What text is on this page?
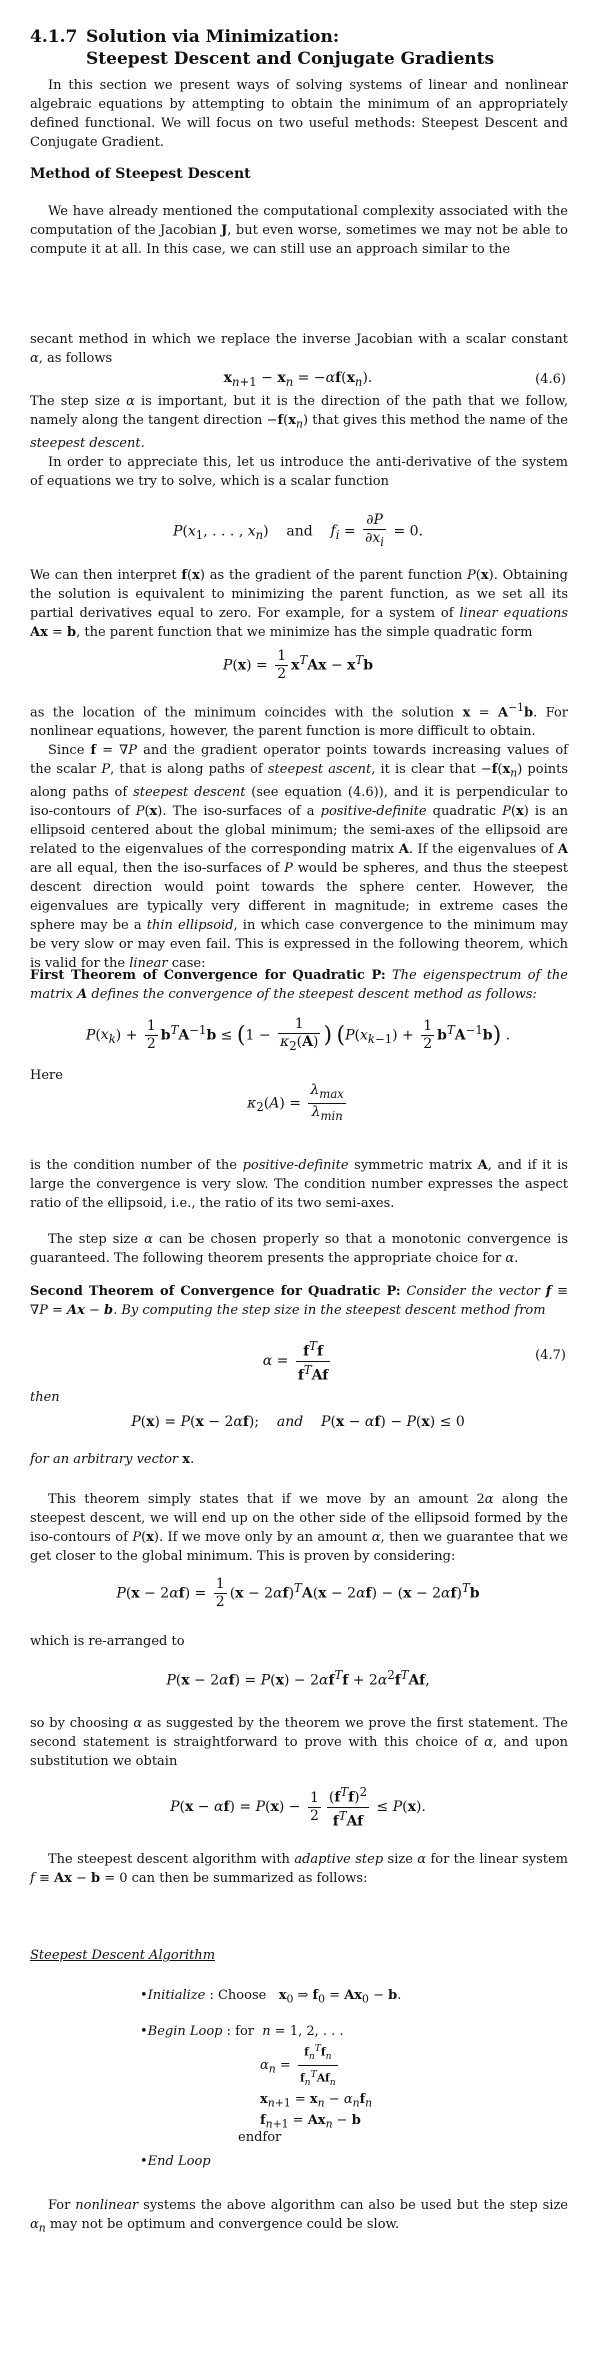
4.1.7 Solution via Minimization:
Steepest Descent and Conjugate Gradients

In this section we present ways of solving systems of linear and nonlinear algebraic equations by attempting to obtain the minimum of an appropriately defined functional. We will focus on two useful methods: Steepest Descent and Conjugate Gradient.

Method of Steepest Descent

We have already mentioned the computational complexity associated with the computation of the Jacobian J, but even worse, sometimes we may not be able to compute it at all. In this case, we can still use an approach similar to the

secant method in which we replace the inverse Jacobian with a scalar constant α, as follows

$x_{n+1} - x_n = -\alpha f(x_n)$.	(4.6)

The step size α is important, but it is the direction of the path that we follow, namely along the tangent direction $-f(x_n)$ that gives this method the name of the steepest descent.

In order to appreciate this, let us introduce the anti-derivative of the system of equations we try to solve, which is a scalar function

$P(x_1$, . . . , $x_n$)    and    $f_i = \frac{\partial P}{\partial x_i} = 0$.

We can then interpret f(x) as the gradient of the parent function P(x). Obtaining the solution is equivalent to minimizing the parent function, as we set all its partial derivatives equal to zero. For example, for a system of linear equations Ax = b, the parent function that we minimize has the simple quadratic form

$P(x) = \frac{1}{2} x^TAx - x^Tb$

as the location of the minimum coincides with the solution $x = A^{-1}b$. For nonlinear equations, however, the parent function is more difficult to obtain.

Since f = ∇P and the gradient operator points towards increasing values of the scalar P, that is along paths of steepest ascent, it is clear that $-f(x_n)$ points along paths of steepest descent (see equation (4.6)), and it is perpendicular to iso-contours of P(x). The iso-surfaces of a positive-definite quadratic P(x) is an ellipsoid centered about the global minimum; the semi-axes of the ellipsoid are related to the eigenvalues of the corresponding matrix A. If the eigenvalues of A are all equal, then the iso-surfaces of P would be spheres, and thus the steepest descent direction would point towards the sphere center. However, the eigenvalues are typically very different in magnitude; in extreme cases the sphere may be a thin ellipsoid, in which case convergence to the minimum may be very slow or may even fail. This is expressed in the following theorem, which is valid for the linear case:

First Theorem of Convergence for Quadratic P: The eigenspectrum of the matrix A defines the convergence of the steepest descent method as follows:

$P(x_k) + \frac{1}{2} b^TA^{-1}b \le (1 - \frac{1}{\kappa_2(A)}$ ) $(P(x_{k-1}) + \frac{1}{2} b^TA^{-1}b)$ .

Here

$\kappa_2(A) = \frac{\lambda_{max}}{\lambda_{min}}$

is the condition number of the positive-definite symmetric matrix A, and if it is large the convergence is very slow. The condition number expresses the aspect ratio of the ellipsoid, i.e., the ratio of its two semi-axes.

The step size α can be chosen properly so that a monotonic convergence is guaranteed. The following theorem presents the appropriate choice for α.

Second Theorem of Convergence for Quadratic P: Consider the vector f ≡ ∇P = Ax − b. By computing the step size in the steepest descent method from

$\alpha = \frac{f^Tf}{f^TAf}$	(4.7)

then

P(x) = P(x − 2αf);    and P(x − αf) − P(x) ≤ 0

for an arbitrary vector x.

This theorem simply states that if we move by an amount 2α along the steepest descent, we will end up on the other side of the ellipsoid formed by the iso-contours of P(x). If we move only by an amount α, then we guarantee that we get closer to the global minimum. This is proven by considering:

$P(x - 2\alpha f) = \frac{1}{2} (x - 2\alpha f)^TA(x - 2\alpha f) - (x - 2\alpha f)^Tb$

which is re-arranged to

$P(x - 2\alpha f) = P(x) - 2\alpha f^Tf + 2\alpha^2f^TAf$,

so by choosing α as suggested by the theorem we prove the first statement. The second statement is straightforward to prove with this choice of α, and upon substitution we obtain

$P(x - \alpha f) = P(x) - \frac{1}{2} \frac{(f^Tf)^2}{f^TAf} \le P(x)$.

The steepest descent algorithm with adaptive step size α for the linear system f ≡ Ax − b = 0 can then be summarized as follows:

Steepest Descent Algorithm
•Initialize : Choose   $x_0$ ⇒ $f_0 = Ax_0 - b$.
•Begin Loop : for  n = 1, 2, . . .
$\alpha_n = \frac{f_n^Tf_n}{f_n^TAf_n}$
$x_{n+1} = x_n - \alpha_nf_n$
$f_{n+1} = Ax_n - b$
endfor
•End Loop

For nonlinear systems the above algorithm can also be used but the step size $\alpha_n$ may not be optimum and convergence could be slow.
